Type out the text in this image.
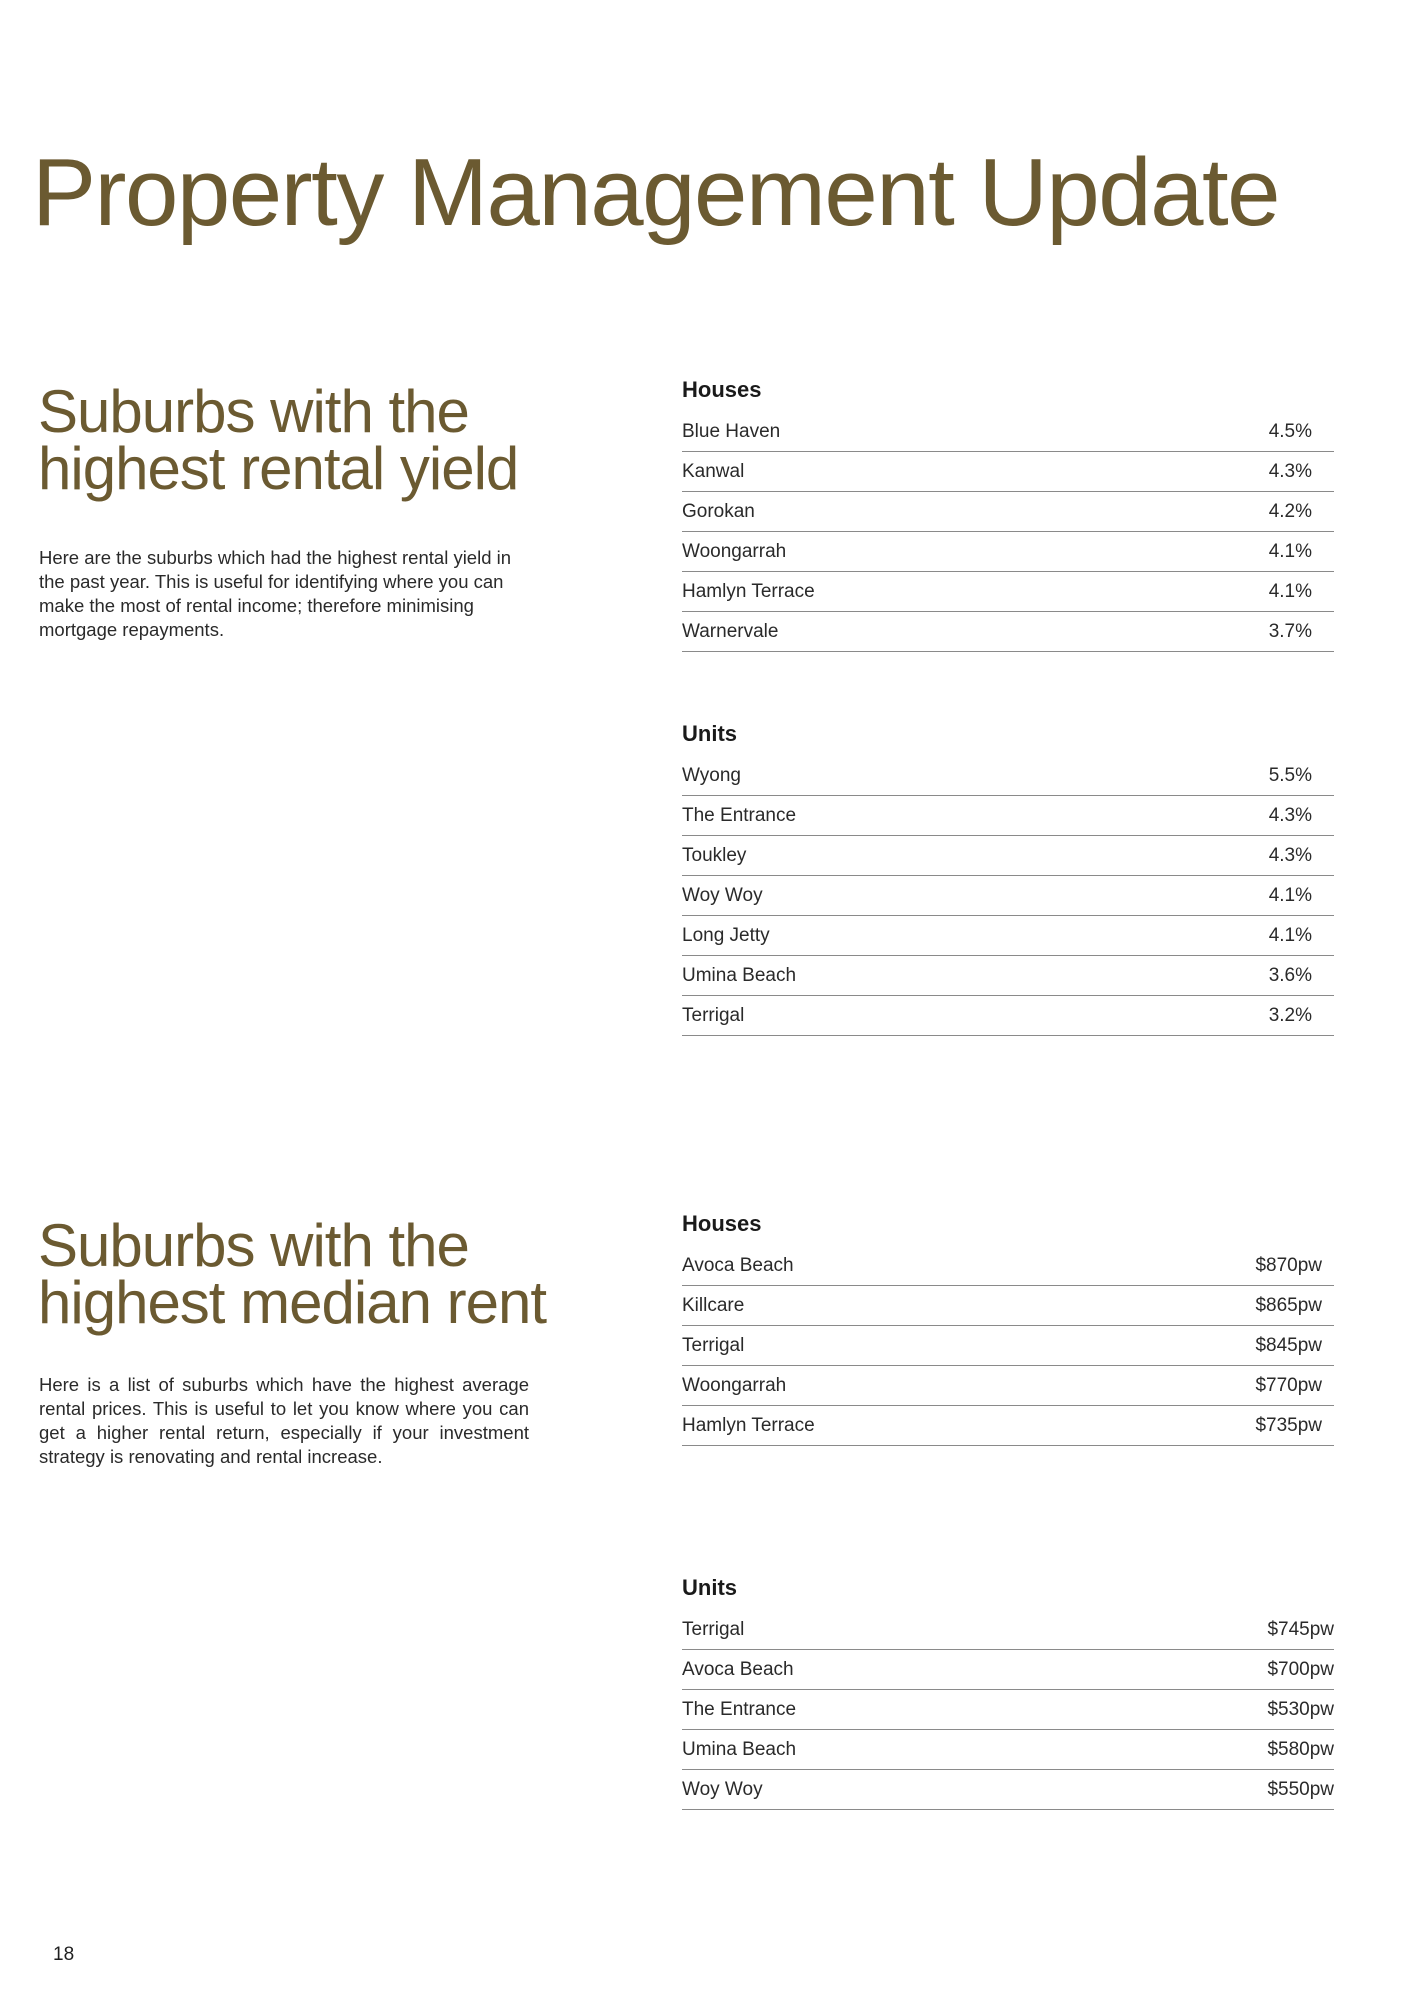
Property Management Update
Suburbs with the
highest rental yield

Here are the suburbs which had the highest rental yield in the past year. This is useful for identifying where you can make the most of rental income; therefore minimising mortgage repayments.

Houses
Blue Haven	4.5%
Kanwal	4.3%
Gorokan	4.2%
Woongarrah	4.1%
Hamlyn Terrace	4.1%
Warnervale	3.7%
Units
Wyong	5.5%
The Entrance	4.3%
Toukley	4.3%
Woy Woy	4.1%
Long Jetty	4.1%
Umina Beach	3.6%
Terrigal	3.2%
Suburbs with the
highest median rent

Here is a list of suburbs which have the highest average rental prices. This is useful to let you know where you can get a higher rental return, especially if your investment strategy is renovating and rental increase.

Houses
Avoca Beach	$870pw
Killcare	$865pw
Terrigal	$845pw
Woongarrah	$770pw
Hamlyn Terrace	$735pw
Units
Terrigal	$745pw
Avoca Beach	$700pw
The Entrance	$530pw
Umina Beach	$580pw
Woy Woy	$550pw
18
